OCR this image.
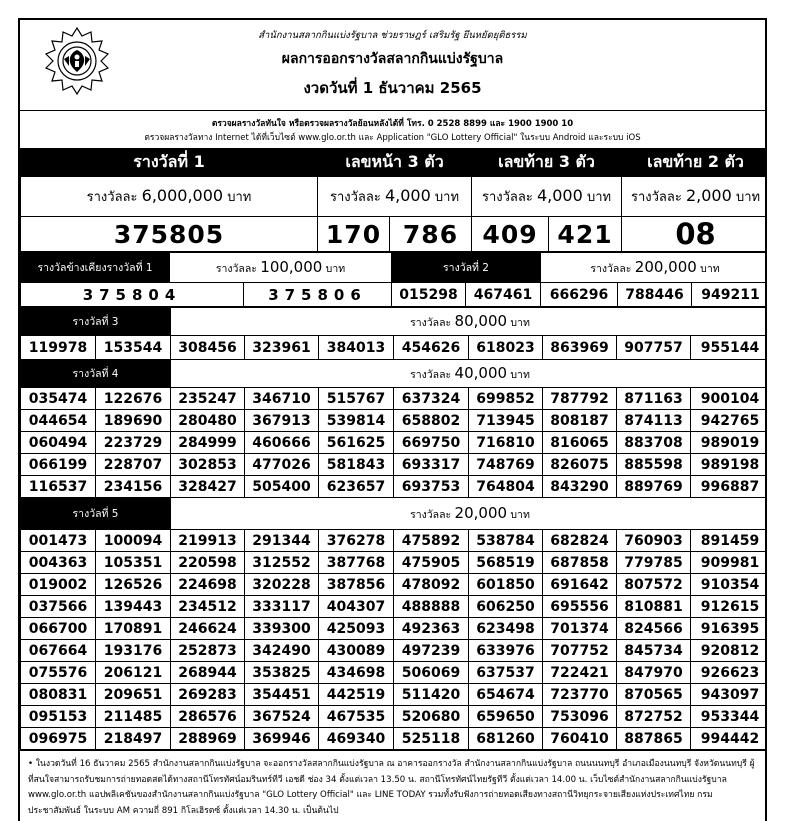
สำนักงานสลากกินแบ่งรัฐบาล ช่วยราษฎร์ เสริมรัฐ ยึนหยัดยุติธรรม
ผลการออกรางวัลสลากกินแบ่งรัฐบาล
งวดวันที่ 1 ธันวาคม 2565
ตรวจผลรางวัลทันใจ หรือตรวจผลรางวัลย้อนหลังได้ที่ โทร. 0 2528 8899 และ 1900 1900 10
ตรวจผลรางวัลทาง Internet ได้ที่เว็บไซต์ www.glo.or.th และ Application "GLO Lottery Official" ในระบบ Android และระบบ iOS
รางวัลที่ 1	เลขหน้า 3 ตัว		เลขท้าย 3 ตัว		เลขท้าย 2 ตัว
รางวัลละ 6,000,000 บาท	รางวัลละ 4,000 บาท		รางวัลละ 4,000 บาท		รางวัลละ 2,000 บาท
375805	170	786	409	421	08
รางวัลข้างเคียงรางวัลที่ 1	รางวัลละ 100,000 บาท		รางวัลที่ 2		รางวัลละ 200,000 บาท		
375804		375806	015298	467461	666296	788446	949211
รางวัลที่ 3		รางวัลละ 80,000 บาท							
119978	153544	308456	323961	384013	454626	618023	863969	907757	955144
รางวัลที่ 4		รางวัลละ 40,000 บาท							
035474	122676	235247	346710	515767	637324	699852	787792	871163	900104
044654	189690	280480	367913	539814	658802	713945	808187	874113	942765
060494	223729	284999	460666	561625	669750	716810	816065	883708	989019
066199	228707	302853	477026	581843	693317	748769	826075	885598	989198
116537	234156	328427	505400	623657	693753	764804	843290	889769	996887
รางวัลที่ 5		รางวัลละ 20,000 บาท							
001473	100094	219913	291344	376278	475892	538784	682824	760903	891459
004363	105351	220598	312552	387768	475905	568519	687858	779785	909981
019002	126526	224698	320228	387856	478092	601850	691642	807572	910354
037566	139443	234512	333117	404307	488888	606250	695556	810881	912615
066700	170891	246624	339300	425093	492363	623498	701374	824566	916395
067664	193176	252873	342490	430089	497239	633976	707752	845734	920812
075576	206121	268944	353825	434698	506069	637537	722421	847970	926623
080831	209651	269283	354451	442519	511420	654674	723770	870565	943097
095153	211485	286576	367524	467535	520680	659650	753096	872752	953344
096975	218497	288969	369946	469340	525118	681260	760410	887865	994442
• ในงวดวันที่ 16 ธันวาคม 2565 สำนักงานสลากกินแบ่งรัฐบาล จะออกรางวัลสลากกินแบ่งรัฐบาล ณ อาคารออกรางวัล สำนักงานสลากกินแบ่งรัฐบาล ถนนนนทบุรี อำเภอเมืองนนทบุรี จังหวัดนนทบุรี ผู้ที่สนใจสามารถรับชมการถ่ายทอดสดได้ทางสถานีโทรทัศน์อมรินทร์ทีวี เอชดี ช่อง 34 ตั้งแต่เวลา 13.50 น. สถานีโทรทัศน์ไทยรัฐทีวี ตั้งแต่เวลา 14.00 น. เว็บไซต์สำนักงานสลากกินแบ่งรัฐบาล www.glo.or.th แอปพลิเคชันของสำนักงานสลากกินแบ่งรัฐบาล "GLO Lottery Official" และ LINE TODAY รวมทั้งรับฟังการถ่ายทอดเสียงทางสถานีวิทยุกระจายเสียงแห่งประเทศไทย กรมประชาสัมพันธ์ ในระบบ AM ความถี่ 891 กิโลเฮิรตซ์ ตั้งแต่เวลา 14.30 น. เป็นต้นไป
